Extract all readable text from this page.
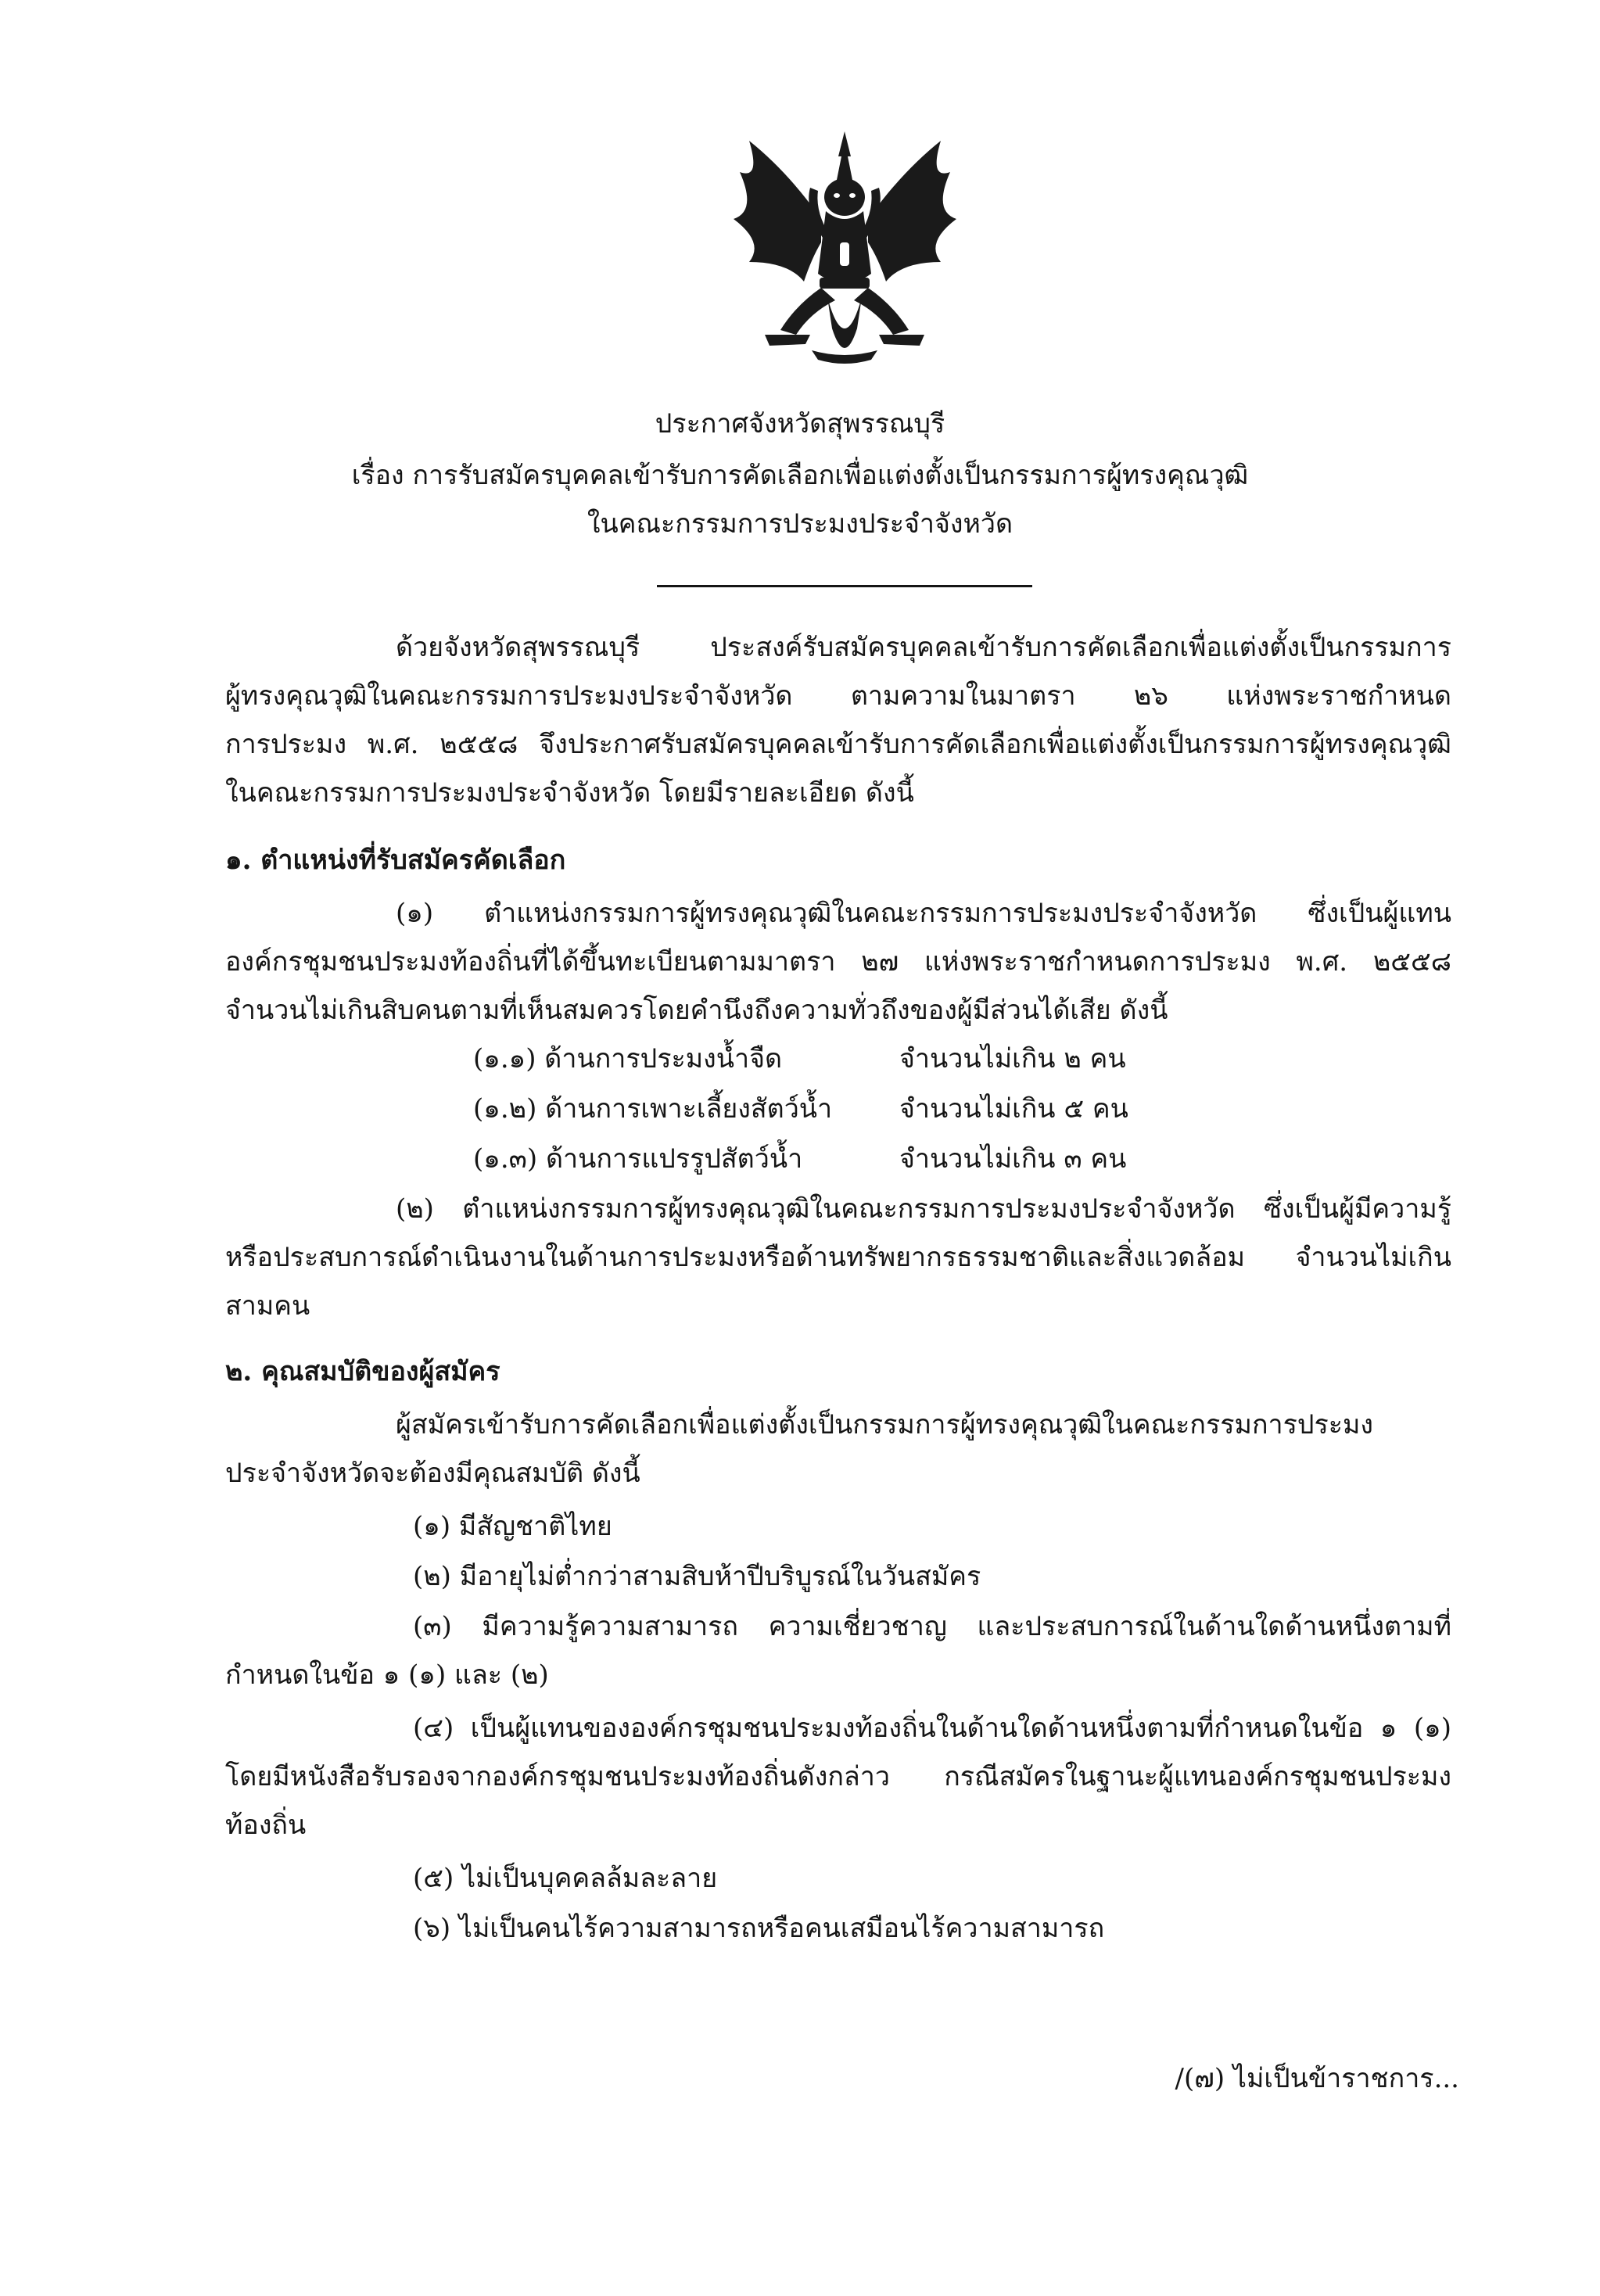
ประกาศจังหวัดสุพรรณบุรี
เรื่อง การรับสมัครบุคคลเข้ารับการคัดเลือกเพื่อแต่งตั้งเป็นกรรมการผู้ทรงคุณวุฒิ
ในคณะกรรมการประมงประจำจังหวัด
ด้วยจังหวัดสุพรรณบุรี ประสงค์รับสมัครบุคคลเข้ารับการคัดเลือกเพื่อแต่งตั้งเป็นกรรมการ
ผู้ทรงคุณวุฒิในคณะกรรมการประมงประจำจังหวัด ตามความในมาตรา ๒๖ แห่งพระราชกำหนด
การประมง พ.ศ. ๒๕๕๘ จึงประกาศรับสมัครบุคคลเข้ารับการคัดเลือกเพื่อแต่งตั้งเป็นกรรมการผู้ทรงคุณวุฒิ
ในคณะกรรมการประมงประจำจังหวัด โดยมีรายละเอียด ดังนี้
๑. ตำแหน่งที่รับสมัครคัดเลือก
(๑) ตำแหน่งกรรมการผู้ทรงคุณวุฒิในคณะกรรมการประมงประจำจังหวัด ซึ่งเป็นผู้แทน
องค์กรชุมชนประมงท้องถิ่นที่ได้ขึ้นทะเบียนตามมาตรา ๒๗ แห่งพระราชกำหนดการประมง พ.ศ. ๒๕๕๘
จำนวนไม่เกินสิบคนตามที่เห็นสมควรโดยคำนึงถึงความทั่วถึงของผู้มีส่วนได้เสีย ดังนี้
(๑.๑) ด้านการประมงน้ำจืด	จำนวนไม่เกิน ๒ คน
(๑.๒) ด้านการเพาะเลี้ยงสัตว์น้ำ	จำนวนไม่เกิน ๕ คน
(๑.๓) ด้านการแปรรูปสัตว์น้ำ	จำนวนไม่เกิน ๓ คน
(๒) ตำแหน่งกรรมการผู้ทรงคุณวุฒิในคณะกรรมการประมงประจำจังหวัด ซึ่งเป็นผู้มีความรู้
หรือประสบการณ์ดำเนินงานในด้านการประมงหรือด้านทรัพยากรธรรมชาติและสิ่งแวดล้อม จำนวนไม่เกิน
สามคน
๒. คุณสมบัติของผู้สมัคร
ผู้สมัครเข้ารับการคัดเลือกเพื่อแต่งตั้งเป็นกรรมการผู้ทรงคุณวุฒิในคณะกรรมการประมง
ประจำจังหวัดจะต้องมีคุณสมบัติ ดังนี้
(๑) มีสัญชาติไทย
(๒) มีอายุไม่ต่ำกว่าสามสิบห้าปีบริบูรณ์ในวันสมัคร
(๓) มีความรู้ความสามารถ ความเชี่ยวชาญ และประสบการณ์ในด้านใดด้านหนึ่งตามที่
กำหนดในข้อ ๑ (๑) และ (๒)
(๔) เป็นผู้แทนขององค์กรชุมชนประมงท้องถิ่นในด้านใดด้านหนึ่งตามที่กำหนดในข้อ ๑ (๑)
โดยมีหนังสือรับรองจากองค์กรชุมชนประมงท้องถิ่นดังกล่าว กรณีสมัครในฐานะผู้แทนองค์กรชุมชนประมง
ท้องถิ่น
(๕) ไม่เป็นบุคคลล้มละลาย
(๖) ไม่เป็นคนไร้ความสามารถหรือคนเสมือนไร้ความสามารถ
/(๗) ไม่เป็นข้าราชการ...
